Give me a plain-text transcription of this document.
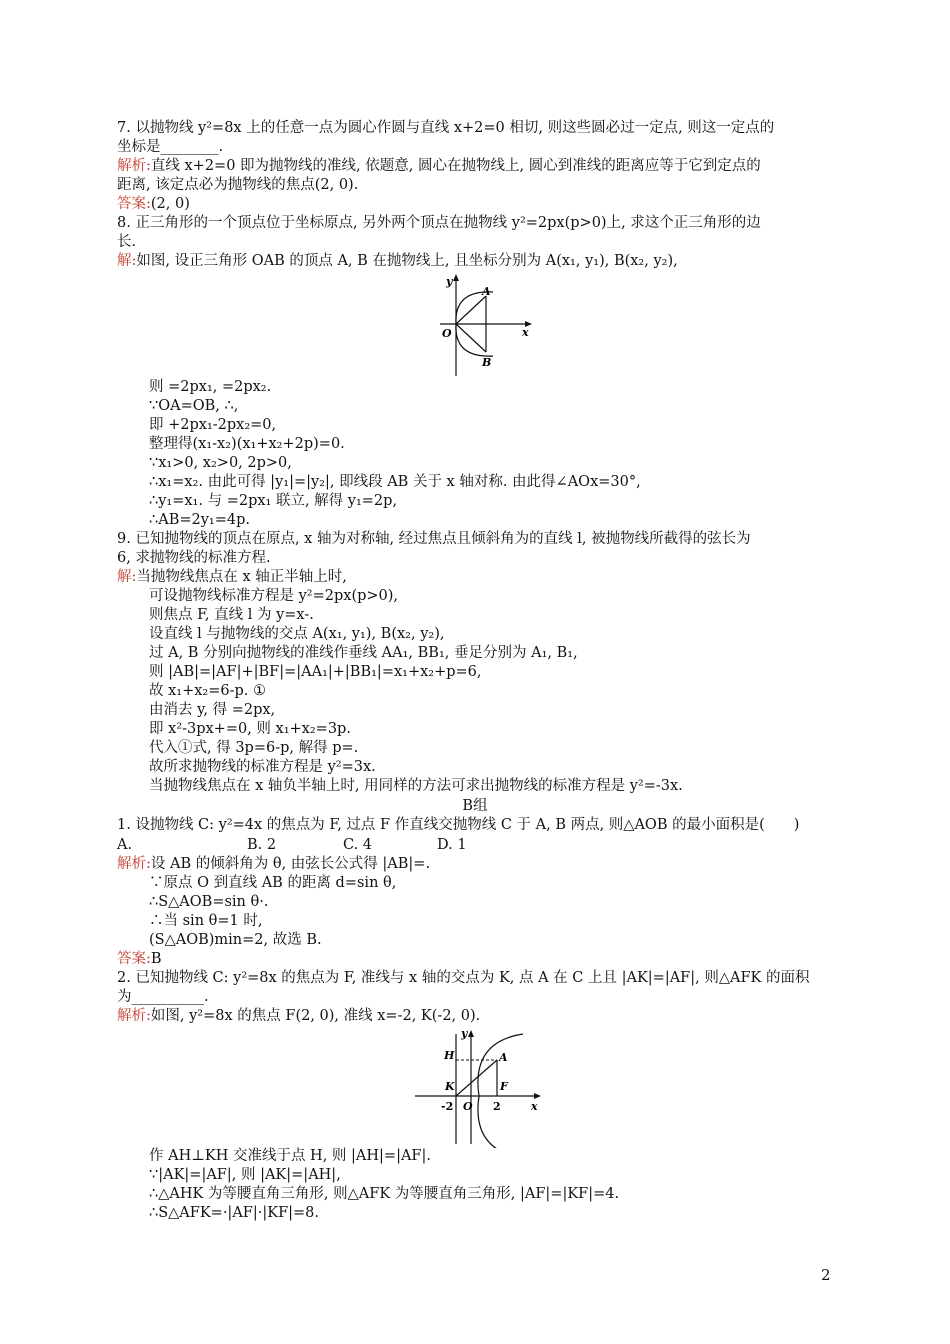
7. 以抛物线 y²=8x 上的任意一点为圆心作圆与直线 x+2=0 相切, 则这些圆必过一定点, 则这一定点的
坐标是________.
解析:直线 x+2=0 即为抛物线的准线, 依题意, 圆心在抛物线上, 圆心到准线的距离应等于它到定点的
距离, 该定点必为抛物线的焦点(2, 0).
答案:(2, 0)
8. 正三角形的一个顶点位于坐标原点, 另外两个顶点在抛物线 y²=2px(p>0)上, 求这个正三角形的边
长.
解:如图, 设正三角形 OAB 的顶点 A, B 在抛物线上, 且坐标分别为 A(x₁, y₁), B(x₂, y₂),
y
x
O
A
B
则 =2px₁, =2px₂.
∵OA=OB, ∴,
即 +2px₁-2px₂=0,
整理得(x₁-x₂)(x₁+x₂+2p)=0.
∵x₁>0, x₂>0, 2p>0,
∴x₁=x₂. 由此可得 |y₁|=|y₂|, 即线段 AB 关于 x 轴对称. 由此得∠AOx=30°,
∴y₁=x₁. 与 =2px₁ 联立, 解得 y₁=2p,
∴AB=2y₁=4p.
9. 已知抛物线的顶点在原点, x 轴为对称轴, 经过焦点且倾斜角为的直线 l, 被抛物线所截得的弦长为
6, 求抛物线的标准方程.
解:当抛物线焦点在 x 轴正半轴上时,
可设抛物线标准方程是 y²=2px(p>0),
则焦点 F, 直线 l 为 y=x-.
设直线 l 与抛物线的交点 A(x₁, y₁), B(x₂, y₂),
过 A, B 分别向抛物线的准线作垂线 AA₁, BB₁, 垂足分别为 A₁, B₁,
则 |AB|=|AF|+|BF|=|AA₁|+|BB₁|=x₁+x₂+p=6,
故 x₁+x₂=6-p. ①
由消去 y, 得 =2px,
即 x²-3px+=0, 则 x₁+x₂=3p.
代入①式, 得 3p=6-p, 解得 p=.
故所求抛物线的标准方程是 y²=3x.
当抛物线焦点在 x 轴负半轴上时, 用同样的方法可求出抛物线的标准方程是 y²=-3x.
B组
1. 设抛物线 C: y²=4x 的焦点为 F, 过点 F 作直线交抛物线 C 于 A, B 两点, 则△AOB 的最小面积是(　　)
A.	B. 2	C. 4	D. 1
解析:设 AB 的倾斜角为 θ, 由弦长公式得 |AB|=.
∵原点 O 到直线 AB 的距离 d=sin θ,
∴S△AOB=sin θ·.
∴当 sin θ=1 时,
(S△AOB)min=2, 故选 B.
答案:B
2. 已知抛物线 C: y²=8x 的焦点为 F, 准线与 x 轴的交点为 K, 点 A 在 C 上且 |AK|=|AF|, 则△AFK 的面积
为__________.
解析:如图, y²=8x 的焦点 F(2, 0), 准线 x=-2, K(-2, 0).
y
H	A
K	F
-2 O 2	x
作 AH⊥KH 交准线于点 H, 则 |AH|=|AF|.
∵|AK|=|AF|, 则 |AK|=|AH|,
∴△AHK 为等腰直角三角形, 则△AFK 为等腰直角三角形, |AF|=|KF|=4.
∴S△AFK=·|AF|·|KF|=8.
2
